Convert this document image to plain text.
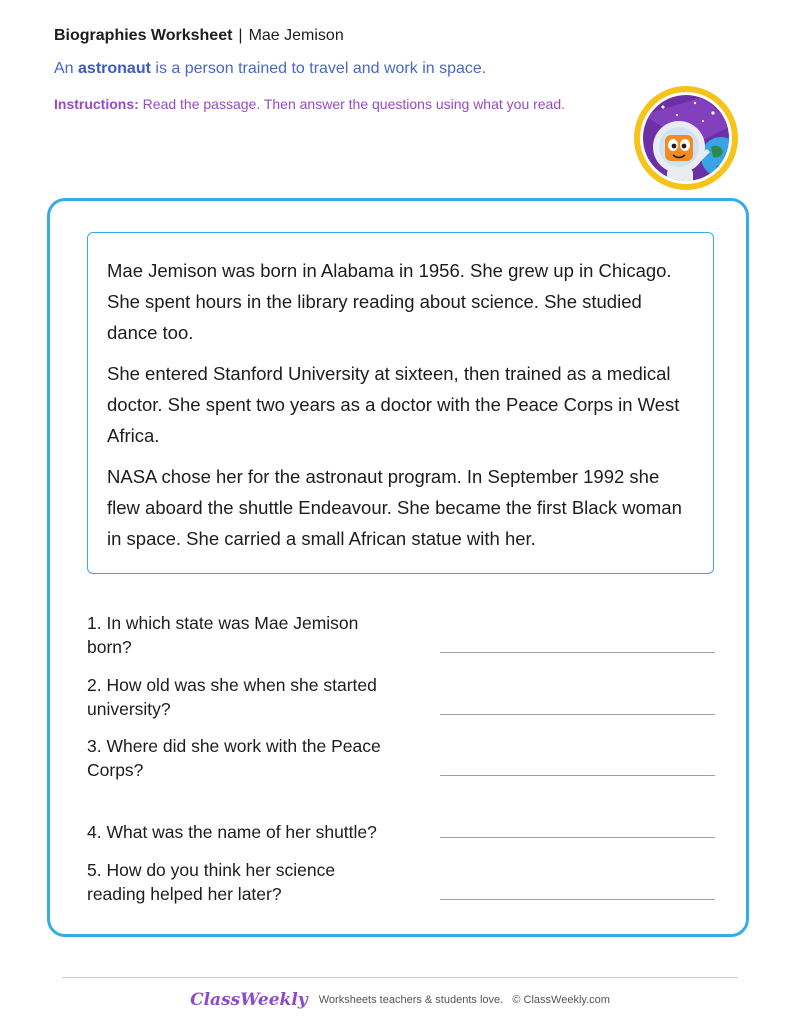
Biographies Worksheet | Mae Jemison
An astronaut is a person trained to travel and work in space.
Instructions: Read the passage. Then answer the questions using what you read.

Mae Jemison was born in Alabama in 1956. She grew up in Chicago. She spent hours in the library reading about science. She studied dance too.

She entered Stanford University at sixteen, then trained as a medical doctor. She spent two years as a doctor with the Peace Corps in West Africa.

NASA chose her for the astronaut program. In September 1992 she flew aboard the shuttle Endeavour. She became the first Black woman in space. She carried a small African statue with her.

1. In which state was Mae Jemison born?
2. How old was she when she started university?
3. Where did she work with the Peace Corps?
4. What was the name of her shuttle?
5. How do you think her science reading helped her later?
ClassWeekly Worksheets teachers & students love. © ClassWeekly.com
